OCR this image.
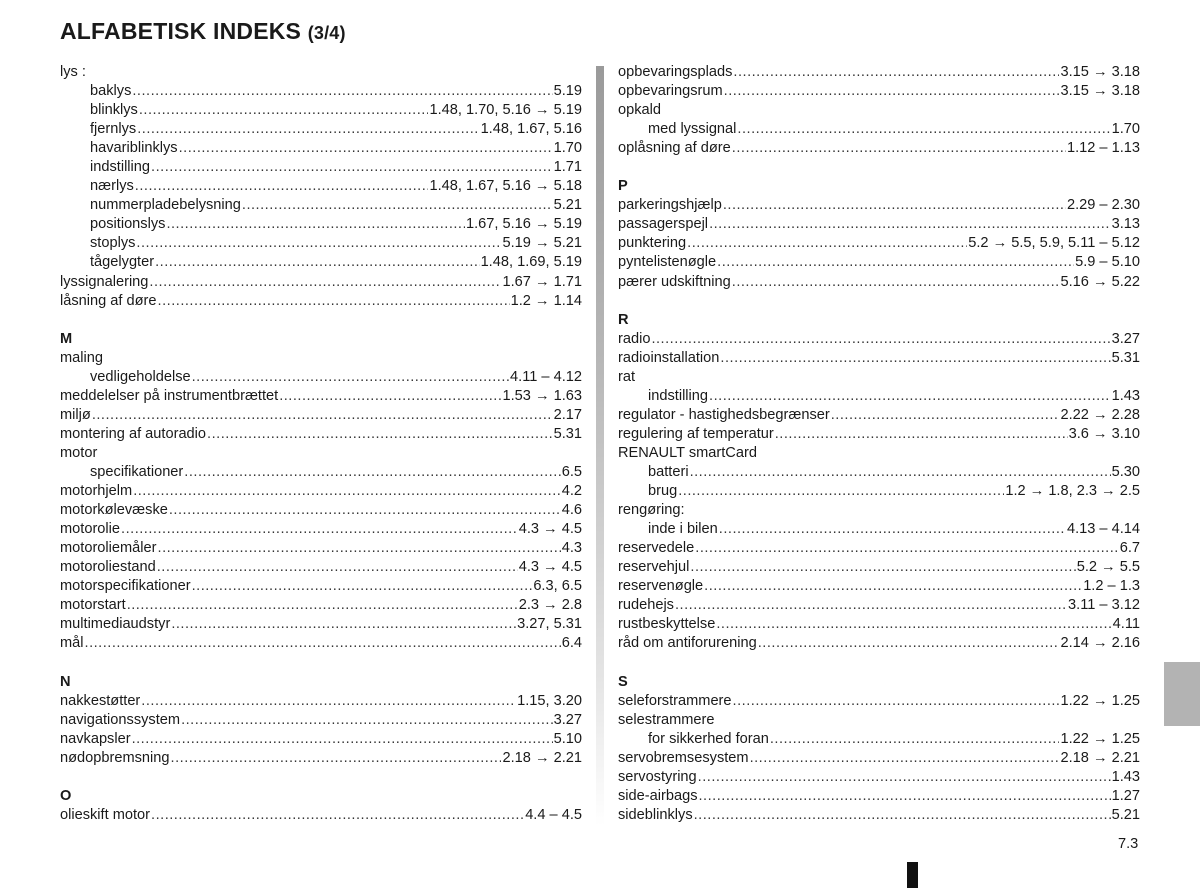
ALFABETISK INDEKS (3/4)
lys :
baklys .....	5.19
blinklys .....	1.48, 1.70, 5.16 → 5.19
fjernlys .....	1.48, 1.67, 5.16
havariblinklys .....	1.70
indstilling .....	1.71
nærlys .....	1.48, 1.67, 5.16 → 5.18
nummerpladebelysning .....	5.21
positionslys .....	1.67, 5.16 → 5.19
stoplys .....	5.19 → 5.21
tågelygter .....	1.48, 1.69, 5.19
lyssignalering .....	1.67 → 1.71
låsning af døre .....	1.2 → 1.14
M
maling
vedligeholdelse .....	4.11 – 4.12
meddelelser på instrumentbrættet .....	1.53 → 1.63
miljø .....	2.17
montering af autoradio .....	5.31
motor
specifikationer .....	6.5
motorhjelm .....	4.2
motorkølevæske .....	4.6
motorolie .....	4.3 → 4.5
motoroliemåler .....	4.3
motoroliestand .....	4.3 → 4.5
motorspecifikationer .....	6.3, 6.5
motorstart .....	2.3 → 2.8
multimediaudstyr .....	3.27, 5.31
mål .....	6.4
N
nakkestøtter .....	1.15, 3.20
navigationssystem .....	3.27
navkapsler .....	5.10
nødopbremsning .....	2.18 → 2.21
O
olieskift motor .....	4.4 – 4.5
opbevaringsplads .....	3.15 → 3.18
opbevaringsrum .....	3.15 → 3.18
opkald
med lyssignal .....	1.70
oplåsning af døre .....	1.12 – 1.13
P
parkeringshjælp .....	2.29 – 2.30
passagerspejl .....	3.13
punktering .....	5.2 → 5.5, 5.9, 5.11 – 5.12
pyntelistenøgle .....	5.9 – 5.10
pærer udskiftning .....	5.16 → 5.22
R
radio .....	3.27
radioinstallation .....	5.31
rat
indstilling .....	1.43
regulator - hastighedsbegrænser .....	2.22 → 2.28
regulering af temperatur .....	3.6 → 3.10
RENAULT smartCard
batteri .....	5.30
brug .....	1.2 → 1.8, 2.3 → 2.5
rengøring:
inde i bilen .....	4.13 – 4.14
reservedele .....	6.7
reservehjul .....	5.2 → 5.5
reservenøgle .....	1.2 – 1.3
rudehejs .....	3.11 – 3.12
rustbeskyttelse .....	4.11
råd om antiforurening .....	2.14 → 2.16
S
seleforstrammere .....	1.22 → 1.25
selestrammere
for sikkerhed foran .....	1.22 → 1.25
servobremsesystem .....	2.18 → 2.21
servostyring .....	1.43
side-airbags .....	1.27
sideblinklys .....	5.21
7.3
